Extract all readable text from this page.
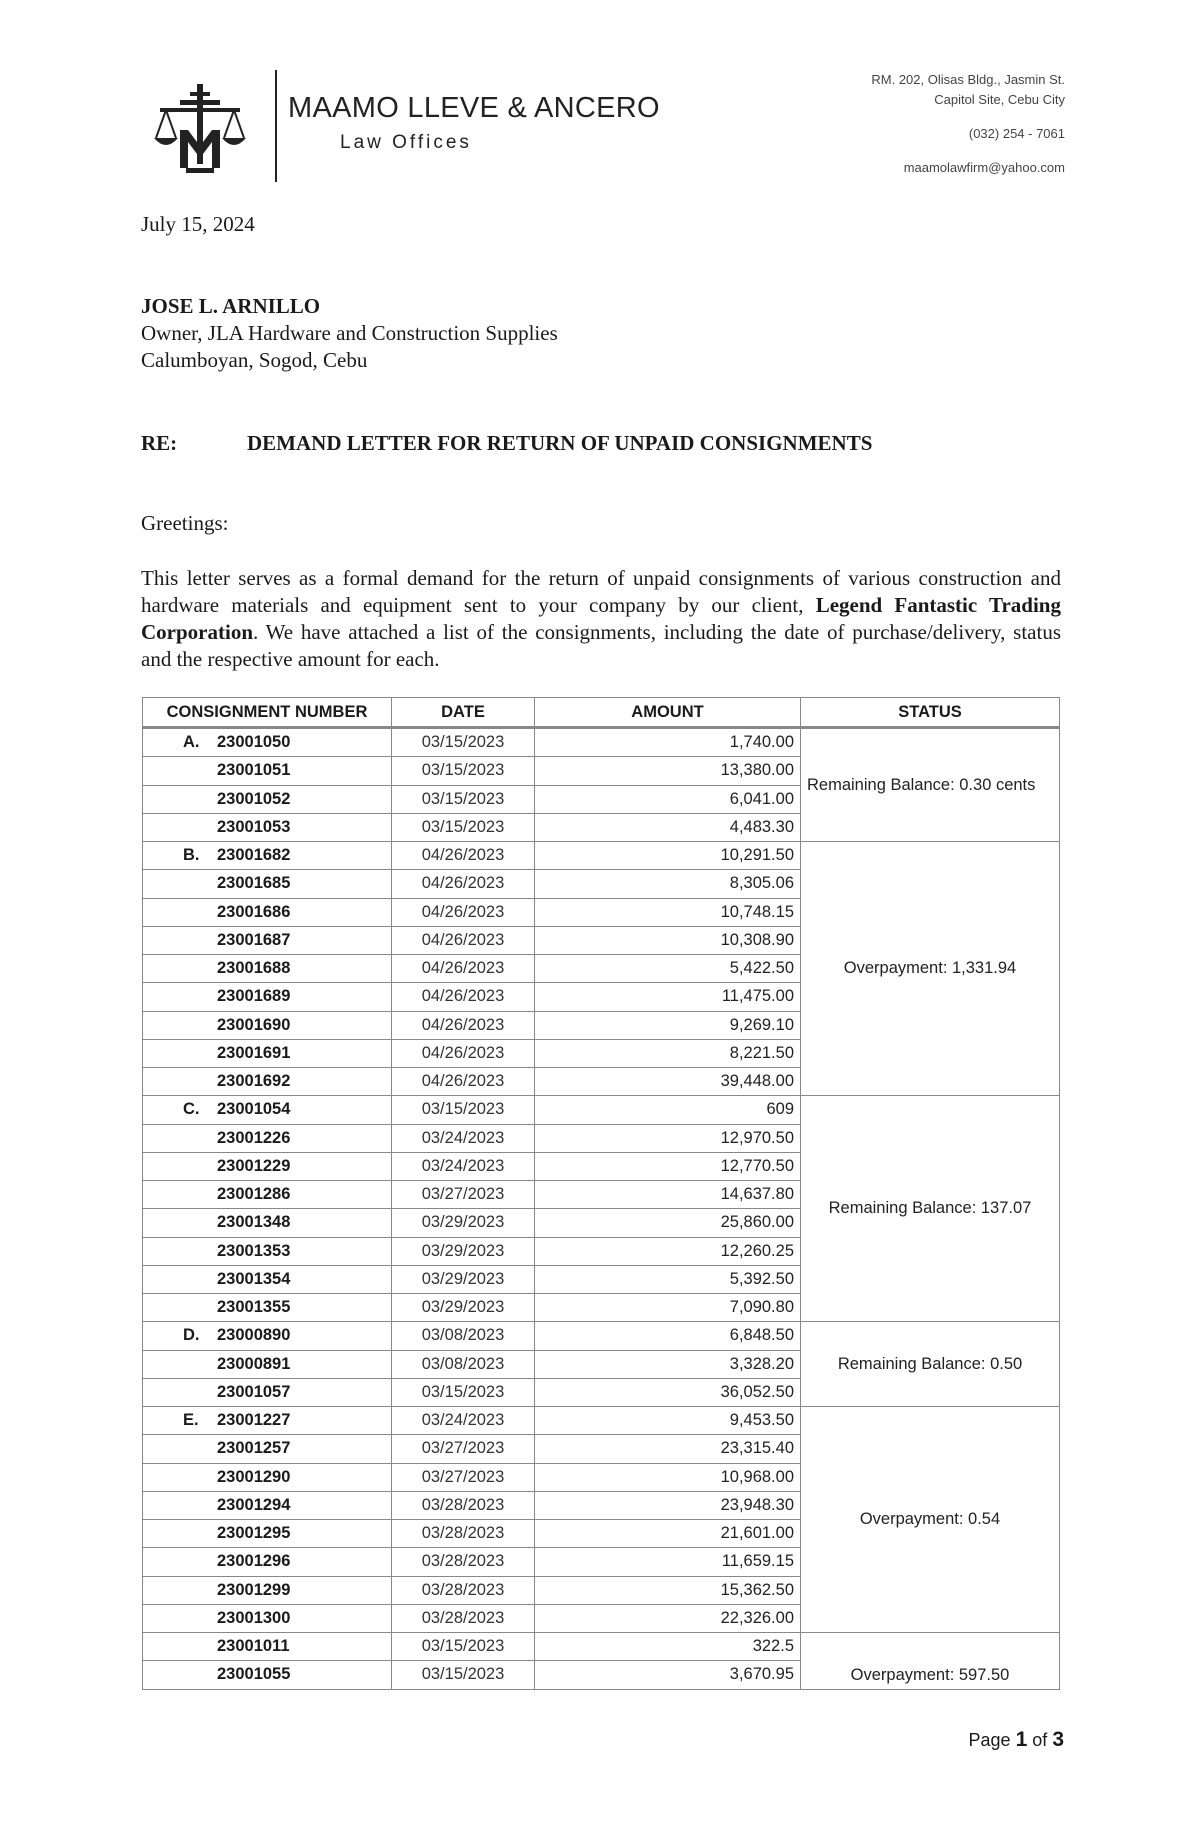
MAAMO LLEVE & ANCERO
Law Offices
RM. 202, Olisas Bldg., Jasmin St.
Capitol Site, Cebu City
(032) 254 - 7061
maamolawfirm@yahoo.com
July 15, 2024
JOSE L. ARNILLO
Owner, JLA Hardware and Construction Supplies
Calumboyan, Sogod, Cebu
RE:	DEMAND LETTER FOR RETURN OF UNPAID CONSIGNMENTS
Greetings:
This letter serves as a formal demand for the return of unpaid consignments of various construction and hardware materials and equipment sent to your company by our client, Legend Fantastic Trading Corporation. We have attached a list of the consignments, including the date of purchase/delivery, status and the respective amount for each.
CONSIGNMENT NUMBER	DATE	AMOUNT	STATUS
A. 23001050	03/15/2023	1,740.00	Remaining Balance: 0.30 cents
23001051	03/15/2023	13,380.00	
23001052	03/15/2023	6,041.00	
23001053	03/15/2023	4,483.30	
B. 23001682	04/26/2023	10,291.50	Overpayment: 1,331.94
23001685	04/26/2023	8,305.06	
23001686	04/26/2023	10,748.15	
23001687	04/26/2023	10,308.90	
23001688	04/26/2023	5,422.50	
23001689	04/26/2023	11,475.00	
23001690	04/26/2023	9,269.10	
23001691	04/26/2023	8,221.50	
23001692	04/26/2023	39,448.00	
C. 23001054	03/15/2023	609	Remaining Balance: 137.07
23001226	03/24/2023	12,970.50	
23001229	03/24/2023	12,770.50	
23001286	03/27/2023	14,637.80	
23001348	03/29/2023	25,860.00	
23001353	03/29/2023	12,260.25	
23001354	03/29/2023	5,392.50	
23001355	03/29/2023	7,090.80	
D. 23000890	03/08/2023	6,848.50	Remaining Balance: 0.50
23000891	03/08/2023	3,328.20	
23001057	03/15/2023	36,052.50	
E. 23001227	03/24/2023	9,453.50	Overpayment: 0.54
23001257	03/27/2023	23,315.40	
23001290	03/27/2023	10,968.00	
23001294	03/28/2023	23,948.30	
23001295	03/28/2023	21,601.00	
23001296	03/28/2023	11,659.15	
23001299	03/28/2023	15,362.50	
23001300	03/28/2023	22,326.00	
23001011	03/15/2023	322.5	Overpayment: 597.50
23001055	03/15/2023	3,670.95	
Page 1 of 3
